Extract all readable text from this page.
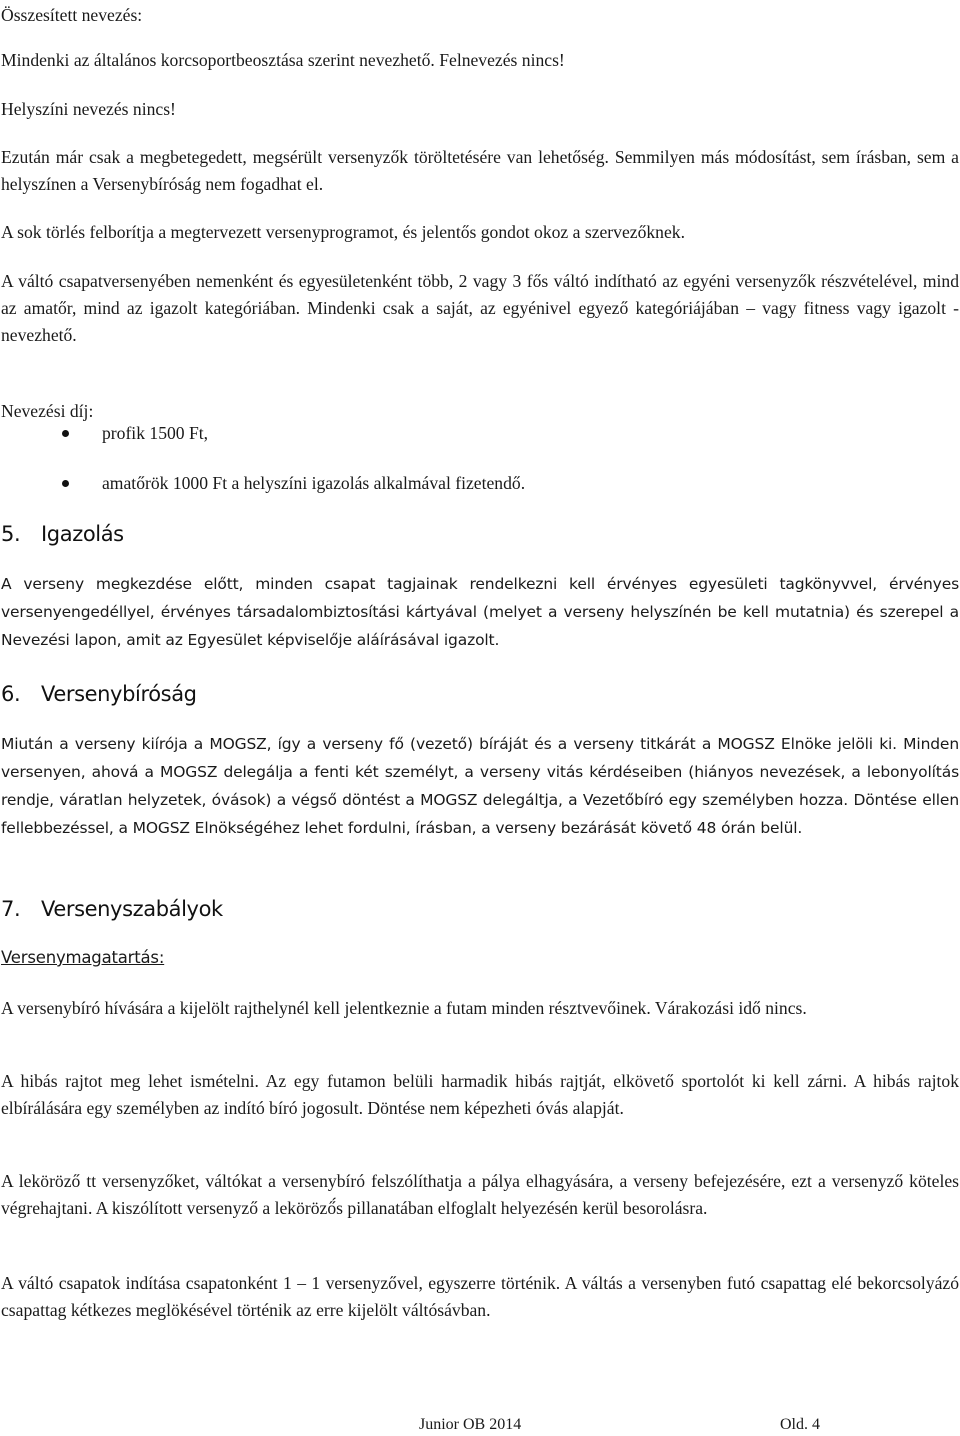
Összesített nevezés:

Mindenki az általános korcsoportbeosztása szerint nevezhető. Felnevezés nincs!

Helyszíni nevezés nincs!

Ezután már csak a megbetegedett, megsérült versenyzők töröltetésére van lehetőség. Semmilyen más módosítást, sem írásban, sem a helyszínen a Versenybíróság nem fogadhat el.

A sok törlés felborítja a megtervezett versenyprogramot, és jelentős gondot okoz a szervezőknek.

A váltó csapatversenyében nemenként és egyesületenként több, 2 vagy 3 fős váltó indítható az egyéni versenyzők részvételével, mind az amatőr, mind az igazolt kategóriában. Mindenki csak a saját, az egyénivel egyező kategóriájában – vagy fitness vagy igazolt - nevezhető.

Nevezési díj:

profik 1500 Ft,
amatőrök 1000 Ft a helyszíni igazolás alkalmával fizetendő.
5. Igazolás

A verseny megkezdése előtt, minden csapat tagjainak rendelkezni kell érvényes egyesületi tagkönyvvel, érvényes versenyengedéllyel, érvényes társadalombiztosítási kártyával (melyet a verseny helyszínén be kell mutatnia) és szerepel a Nevezési lapon, amit az Egyesület képviselője aláírásával igazolt.

6. Versenybíróság

Miután a verseny kiírója a MOGSZ, így a verseny fő (vezető) bíráját és a verseny titkárát a MOGSZ Elnöke jelöli ki. Minden versenyen, ahová a MOGSZ delegálja a fenti két személyt, a verseny vitás kérdéseiben (hiányos nevezések, a lebonyolítás rendje, váratlan helyzetek, óvások) a végső döntést a MOGSZ delegáltja, a Vezetőbíró egy személyben hozza. Döntése ellen fellebbezéssel, a MOGSZ Elnökségéhez lehet fordulni, írásban, a verseny bezárását követő 48 órán belül.

7. Versenyszabályok

Versenymagatartás:

A versenybíró hívására a kijelölt rajthelynél kell jelentkeznie a futam minden résztvevőinek. Várakozási idő nincs.

A hibás rajtot meg lehet ismételni. Az egy futamon belüli harmadik hibás rajtját, elkövető sportolót ki kell zárni. A hibás rajtok elbírálására egy személyben az indító bíró jogosult. Döntése nem képezheti óvás alapját.

A leköröző tt versenyzőket, váltókat a versenybíró felszólíthatja a pálya elhagyására, a verseny befejezésére, ezt a versenyző köteles végrehajtani. A kiszólított versenyző a leköröző́s pillanatában elfoglalt helyezésén kerül besorolásra.

A váltó csapatok indítása csapatonként 1 – 1 versenyzővel, egyszerre történik. A váltás a versenyben futó csapattag elé bekorcsolyázó csapattag kétkezes meglökésével történik az erre kijelölt váltósávban.

Junior OB 2014	Old. 4
